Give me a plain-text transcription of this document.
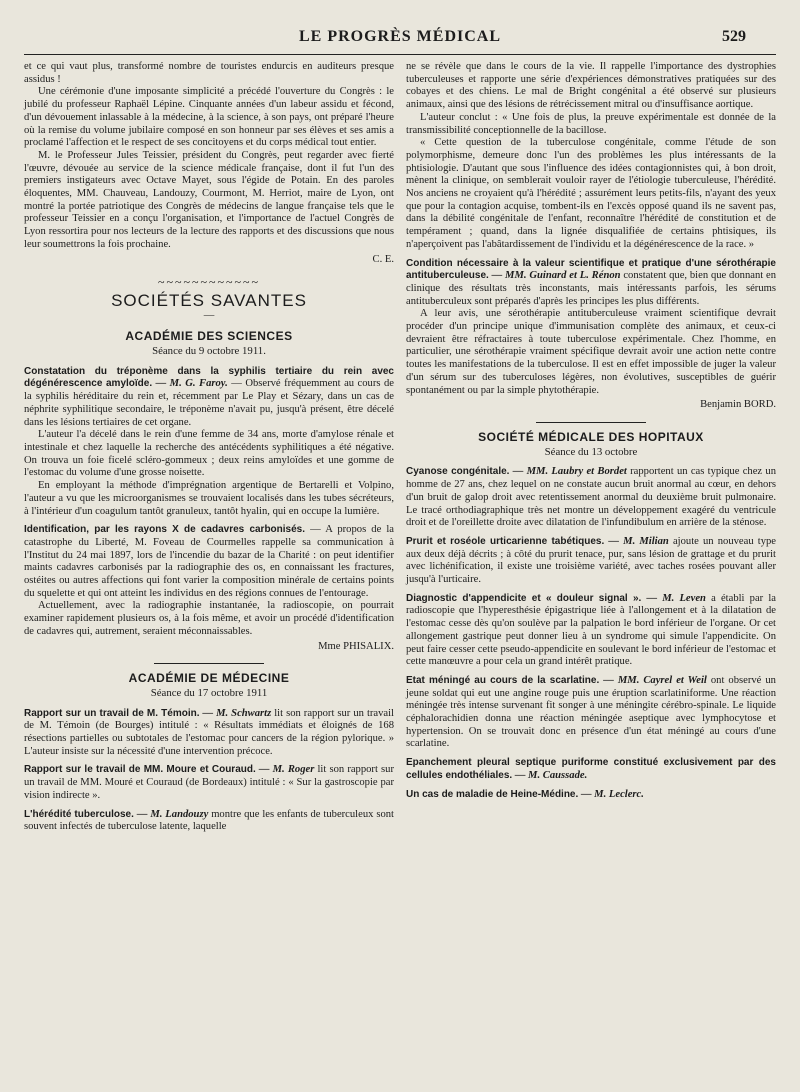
LE PROGRÈS MÉDICAL	529

et ce qui vaut plus, transformé nombre de touristes endurcis en auditeurs presque assidus !

Une cérémonie d'une imposante simplicité a précédé l'ouverture du Congrès : le jubilé du professeur Raphaël Lépine. Cinquante années d'un labeur assidu et fécond, d'un dévouement inlassable à la médecine, à la science, à son pays, ont préparé l'heure où la remise du volume jubilaire composé en son honneur par ses élèves et ses amis a proclamé l'affection et le respect de ses concitoyens et du corps médical tout entier.

M. le Professeur Jules Teissier, président du Congrès, peut regarder avec fierté l'œuvre, dévouée au service de la science médicale française, dont il fut l'un des premiers instigateurs avec Octave Mayet, sous l'égide de Potain. En des paroles éloquentes, MM. Chauveau, Landouzy, Courmont, M. Herriot, maire de Lyon, ont montré la portée patriotique des Congrès de médecins de langue française tels que le professeur Teissier en a conçu l'organisation, et l'importance de l'actuel Congrès de Lyon ressortira pour nos lecteurs de la lecture des rapports et des discussions que nous leur soumettrons la fois prochaine.

C. E.
~~~~~~~~~~~~
SOCIÉTÉS SAVANTES
—
ACADÉMIE DES SCIENCES
Séance du 9 octobre 1911.

Constatation du tréponème dans la syphilis tertiaire du rein avec dégénérescence amyloïde. — M. G. Faroy. — Observé fréquemment au cours de la syphilis héréditaire du rein et, récemment par Le Play et Sézary, dans un cas de néphrite syphilitique secondaire, le tréponème n'avait pu, jusqu'à présent, être décelé dans les lésions tertiaires de cet organe.

L'auteur l'a décelé dans le rein d'une femme de 34 ans, morte d'amylose rénale et intestinale et chez laquelle la recherche des antécédents syphilitiques a été négative. On trouva un foie ficelé scléro-gommeux ; deux reins amyloïdes et une gomme de l'estomac du volume d'une grosse noisette.

En employant la méthode d'imprégnation argentique de Bertarelli et Volpino, l'auteur a vu que les microorganismes se trouvaient localisés dans les tubes sécréteurs, à l'intérieur d'un coagulum tantôt granuleux, tantôt hyalin, qui en occupe la lumière.

Identification, par les rayons X de cadavres carbonisés. — A propos de la catastrophe du Liberté, M. Foveau de Courmelles rappelle sa communication à l'Institut du 24 mai 1897, lors de l'incendie du bazar de la Charité : on peut identifier maints cadavres carbonisés par la radiographie des os, en connaissant les fractures, ostéites ou autres affections qui font varier la composition minérale de certains points du squelette et qui ont atteint les individus en des régions connues de l'entourage.

Actuellement, avec la radiographie instantanée, la radioscopie, on pourrait examiner rapidement plusieurs os, à la fois même, et avoir un procédé d'identification de cadavres qui, autrement, seraient méconnaissables.

Mme PHISALIX.
ACADÉMIE DE MÉDECINE
Séance du 17 octobre 1911

Rapport sur un travail de M. Témoin. — M. Schwartz lit son rapport sur un travail de M. Témoin (de Bourges) intitulé : « Résultats immédiats et éloignés de 168 résections partielles ou subtotales de l'estomac pour cancers de la région pylorique. » L'auteur insiste sur la nécessité d'une intervention précoce.

Rapport sur le travail de MM. Moure et Couraud. — M. Roger lit son rapport sur un travail de MM. Mouré et Couraud (de Bordeaux) intitulé : « Sur la gastroscopie par vision indirecte ».

L'hérédité tuberculose. — M. Landouzy montre que les enfants de tuberculeux sont souvent infectés de tuberculose latente, laquelle

ne se révèle que dans le cours de la vie. Il rappelle l'importance des dystrophies tuberculeuses et rapporte une série d'expériences démonstratives pratiquées sur des cobayes et des chiens. Le mal de Bright congénital a été observé sur plusieurs animaux, ainsi que des lésions de rétrécissement mitral ou d'insuffisance aortique.

L'auteur conclut : « Une fois de plus, la preuve expérimentale est donnée de la transmissibilité conceptionnelle de la bacillose.

« Cette question de la tuberculose congénitale, comme l'étude de son polymorphisme, demeure donc l'un des problèmes les plus intéressants de la phtisiologie. D'autant que sous l'influence des idées contagionnistes qui, à bon droit, mènent la clinique, on semblerait vouloir rayer de l'étiologie tuberculeuse, l'hérédité. Nos anciens ne croyaient qu'à l'hérédité ; assurément leurs petits-fils, n'ayant des yeux que pour la contagion acquise, tombent-ils en l'excès opposé quand ils ne savent pas, dans la débilité congénitale de l'enfant, reconnaître l'hérédité de constitution et de tempérament ; quand, dans la lignée disqualifiée de certains phtisiques, ils n'aperçoivent pas l'abâtardissement de l'individu et la dégénérescence de la race. »

Condition nécessaire à la valeur scientifique et pratique d'une sérothérapie antituberculeuse. — MM. Guinard et L. Rénon constatent que, bien que donnant en clinique des résultats très inconstants, mais intéressants parfois, les sérums antituberculeux sont préparés d'après les principes les plus différents.

A leur avis, une sérothérapie antituberculeuse vraiment scientifique devrait procéder d'un principe unique d'immunisation complète des animaux, et ceux-ci devraient être réfractaires à toute tuberculose expérimentale. Chez l'homme, en particulier, une sérothérapie vraiment spécifique devrait avoir une action nette contre toutes les manifestations de la tuberculose. Il est en effet impossible de juger la valeur d'un sérum sur des tuberculoses légères, non évolutives, susceptibles de guérir spontanément ou par la simple phytothérapie.

Benjamin BORD.
SOCIÉTÉ MÉDICALE DES HOPITAUX
Séance du 13 octobre

Cyanose congénitale. — MM. Laubry et Bordet rapportent un cas typique chez un homme de 27 ans, chez lequel on ne constate aucun bruit anormal au cœur, en dehors d'un bruit de galop droit avec retentissement anormal du deuxième bruit pulmonaire. Le tracé orthodiagraphique très net montre un développement exagéré du ventricule droit et de l'oreillette droite avec dilatation de l'infundibulum en arrière de la sténose.

Prurit et roséole urticarienne tabétiques. — M. Milian ajoute un nouveau type aux deux déjà décrits ; à côté du prurit tenace, pur, sans lésion de grattage et du prurit avec lichénification, il existe une troisième variété, avec taches rosées pouvant aller jusqu'à l'urticaire.

Diagnostic d'appendicite et « douleur signal ». — M. Leven a établi par la radioscopie que l'hyperesthésie épigastrique liée à l'allongement et à la dilatation de l'estomac cesse dès qu'on soulève par la palpation le bord inférieur de l'organe. Or cet allongement gastrique peut donner lieu à un syndrome qui simule l'appendicite. On peut faire cesser cette pseudo-appendicite en soulevant le bord inférieur de l'estomac et cette manœuvre a pour cela un grand intérêt pratique.

Etat méningé au cours de la scarlatine. — MM. Cayrel et Weil ont observé un jeune soldat qui eut une angine rouge puis une éruption scarlatiniforme. Une réaction méningée très intense survenant fit songer à une méningite cérébro-spinale. Le liquide céphalorachidien donna une réaction méningée aseptique avec lymphocytose et hypertension. On se trouvait donc en présence d'un état méningé au cours d'une scarlatine.

Epanchement pleural septique puriforme constitué exclusivement par des cellules endothéliales. — M. Caussade.

Un cas de maladie de Heine-Médine. — M. Leclerc.
